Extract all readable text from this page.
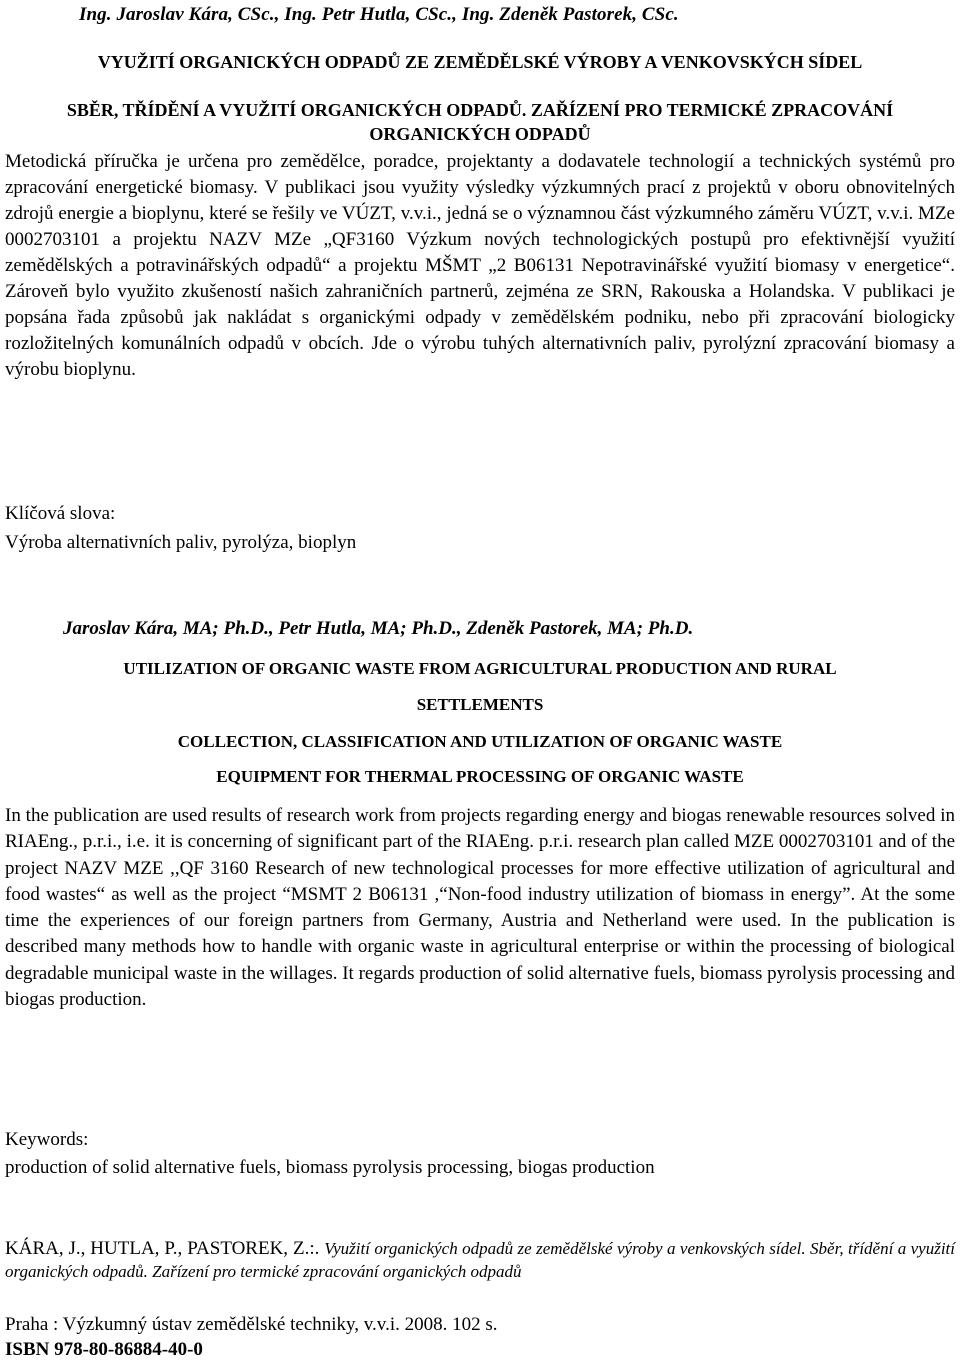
Ing. Jaroslav Kára, CSc., Ing. Petr Hutla, CSc., Ing. Zdeněk Pastorek, CSc.
VYUŽITÍ ORGANICKÝCH ODPADŮ ZE ZEMĚDĚLSKÉ VÝROBY A VENKOVSKÝCH SÍDEL
SBĚR, TŘÍDĚNÍ A VYUŽITÍ ORGANICKÝCH ODPADŮ. ZAŘÍZENÍ PRO TERMICKÉ ZPRACOVÁNÍ ORGANICKÝCH ODPADŮ
Metodická příručka je určena pro zemědělce, poradce, projektanty a dodavatele technologií a technických systémů pro zpracování energetické biomasy. V publikaci jsou využity výsledky výzkumných prací z projektů v oboru obnovitelných zdrojů energie a bioplynu, které se řešily ve VÚZT, v.v.i., jedná se o významnou část výzkumného záměru VÚZT, v.v.i. MZe 0002703101 a projektu NAZV MZe „QF3160 Výzkum nových technologických postupů pro efektivnější využití zemědělských a potravinářských odpadů“ a projektu MŠMT „2 B06131 Nepotravinářské využití biomasy v energetice“. Zároveň bylo využito zkušeností našich zahraničních partnerů, zejména ze SRN, Rakouska a Holandska. V publikaci je popsána řada způsobů jak nakládat s organickými odpady v zemědělském podniku, nebo při zpracování biologicky rozložitelných komunálních odpadů v obcích. Jde o výrobu tuhých alternativních paliv, pyrolýzní zpracování biomasy a výrobu bioplynu.
Klíčová slova:
Výroba alternativních paliv, pyrolýza, bioplyn
Jaroslav Kára, MA; Ph.D., Petr Hutla, MA; Ph.D., Zdeněk Pastorek, MA; Ph.D.
UTILIZATION OF ORGANIC WASTE FROM AGRICULTURAL PRODUCTION AND RURAL
SETTLEMENTS
COLLECTION, CLASSIFICATION AND UTILIZATION OF ORGANIC WASTE
EQUIPMENT FOR THERMAL PROCESSING OF ORGANIC WASTE
In the publication are used results of research work from projects regarding energy and biogas renewable resources solved in RIAEng., p.r.i., i.e. it is concerning of significant part of the RIAEng. p.r.i. research plan called MZE 0002703101 and of the project NAZV MZE ,,QF 3160 Research of new technological processes for more effective utilization of agricultural and food wastes“ as well as the project “MSMT 2 B06131 ,“Non-food industry utilization of biomass in energy”. At the some time the experiences of our foreign partners from Germany, Austria and Netherland were used. In the publication is described many methods how to handle with organic waste in agricultural enterprise or within the processing of biological degradable municipal waste in the willages. It regards production of solid alternative fuels, biomass pyrolysis processing and biogas production.
Keywords:
production of solid alternative fuels, biomass pyrolysis processing, biogas production
KÁRA, J., HUTLA, P., PASTOREK, Z.:. Využití organických odpadů ze zemědělské výroby a venkovských sídel. Sběr, třídění a využití organických odpadů. Zařízení pro termické zpracování organických odpadů
Praha : Výzkumný ústav zemědělské techniky, v.v.i. 2008. 102 s.
ISBN 978-80-86884-40-0
